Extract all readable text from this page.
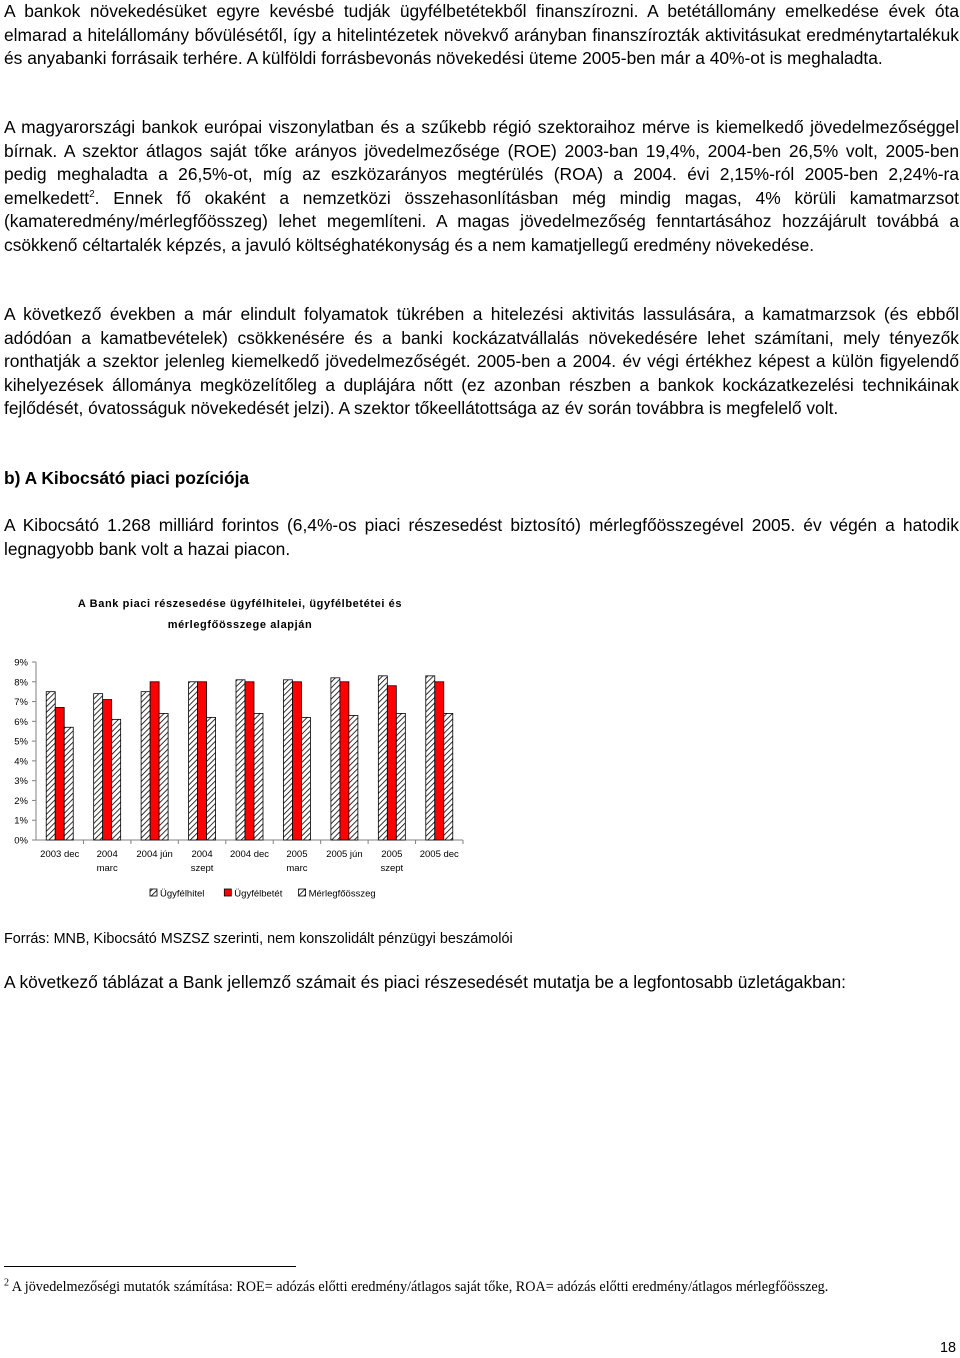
A bankok növekedésüket egyre kevésbé tudják ügyfélbetétekből finanszírozni. A betétállomány emelkedése évek óta elmarad a hitelállomány bővülésétől, így a hitelintézetek növekvő arányban finanszírozták aktivitásukat eredménytartalékuk és anyabanki forrásaik terhére. A külföldi forrásbevonás növekedési üteme 2005-ben már a 40%-ot is meghaladta.

A magyarországi bankok európai viszonylatban és a szűkebb régió szektoraihoz mérve is kiemelkedő jövedelmezőséggel bírnak. A szektor átlagos saját tőke arányos jövedelmezősége (ROE) 2003-ban 19,4%, 2004-ben 26,5% volt, 2005-ben pedig meghaladta a 26,5%-ot, míg az eszközarányos megtérülés (ROA) a 2004. évi 2,15%-ról 2005-ben 2,24%-ra emelkedett$^2$. Ennek fő okaként a nemzetközi összehasonlításban még mindig magas, 4% körüli kamatmarzsot (kamateredmény/mérlegfőösszeg) lehet megemlíteni. A magas jövedelmezőség fenntartásához hozzájárult továbbá a csökkenő céltartalék képzés, a javuló költséghatékonyság és a nem kamatjellegű eredmény növekedése.

A következő években a már elindult folyamatok tükrében a hitelezési aktivitás lassulására, a kamatmarzsok (és ebből adódóan a kamatbevételek) csökkenésére és a banki kockázatvállalás növekedésére lehet számítani, mely tényezők ronthatják a szektor jelenleg kiemelkedő jövedelmezőségét. 2005-ben a 2004. év végi értékhez képest a külön figyelendő kihelyezések állománya megközelítőleg a duplájára nőtt (ez azonban részben a bankok kockázatkezelési technikáinak fejlődését, óvatosságuk növekedését jelzi). A szektor tőkeellátottsága az év során továbbra is megfelelő volt.

b) A Kibocsátó piaci pozíciója

A Kibocsátó 1.268 milliárd forintos (6,4%-os piaci részesedést biztosító) mérlegfőösszegével 2005. év végén a hatodik legnagyobb bank volt a hazai piacon.

A Bank piaci részesedése ügyfélhitelei, ügyfélbetétei és
mérlegfőösszege alapján
0%
1%
2%
3%
4%
5%
6%
7%
8%
9%
2003 dec 2004
marc
2004 jún 2004
szept
2004 dec 2005
marc
2005 jún 2005
szept
2005 dec
Ügyfélhitel	Ügyfélbetét	Mérlegfőösszeg
Forrás: MNB, Kibocsátó MSZSZ szerinti, nem konszolidált pénzügyi beszámolói

A következő táblázat a Bank jellemző számait és piaci részesedését mutatja be a legfontosabb üzletágakban:

$^2$ A jövedelmezőségi mutatók számítása: ROE= adózás előtti eredmény/átlagos saját tőke, ROA= adózás előtti eredmény/átlagos mérlegfőösszeg.
18
